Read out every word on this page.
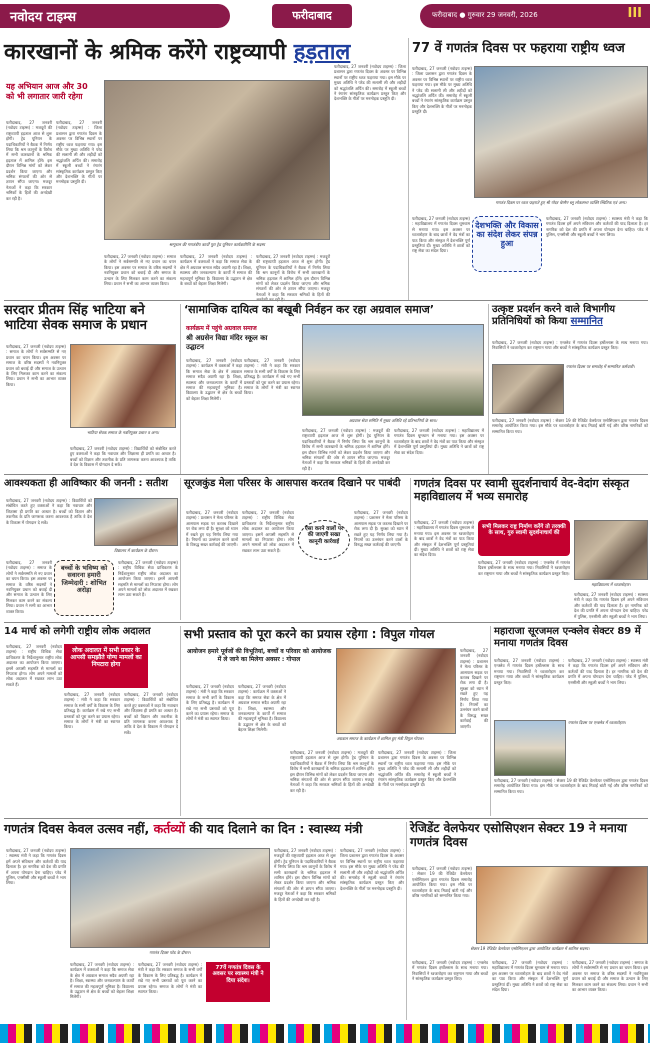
नवोदय टाइम्स	फरीदाबाद	फरीदाबाद ● गुरुवार 29 जनवरी, 2026	III
कारखानों के श्रमिक करेंगे राष्ट्रव्यापी हड़ताल
यह अभियान आज और 30 को भी लगातार जारी रहेगा
फरीदाबाद, 27 जनवरी (नवोदय टाइम्स) : मजदूरों की राष्ट्रव्यापी हड़ताल आज से शुरू होगी। ट्रेड यूनियन के पदाधिकारियों ने बैठक में निर्णय लिया कि श्रम कानूनों के विरोध में सभी कारखानों के श्रमिक हड़ताल में शामिल होंगे। इस दौरान विभिन्न मांगों को लेकर प्रदर्शन किया जाएगा और श्रमिक संगठनों की ओर से ज्ञापन सौंपा जाएगा। मजदूर नेताओं ने कहा कि सरकार श्रमिकों के हितों की अनदेखी कर रही है।
फरीदाबाद, 27 जनवरी (नवोदय टाइम्स) : जिला प्रशासन द्वारा गणतंत्र दिवस के अवसर पर विभिन्न स्थानों पर राष्ट्रीय ध्वज फहराया गया। इस मौके पर मुख्य अतिथि ने परेड की सलामी ली और शहीदों को श्रद्धांजलि अर्पित की। समारोह में स्कूली बच्चों ने रंगारंग सांस्कृतिक कार्यक्रम प्रस्तुत किए और देशभक्ति के गीतों पर मनमोहक प्रस्तुति दी।
श्रम्पुराल की गणतंत्रीय कार्यों पूरा ट्रेड यूनियन कार्यकारिणि के सदस्य
फरीदाबाद, 27 जनवरी (नवोदय टाइम्स) : समाज के लोगों ने सर्वसम्मति से नए प्रधान का चयन किया। इस अवसर पर समाज के वरिष्ठ सदस्यों ने नवनियुक्त प्रधान को बधाई दी और समाज के उत्थान के लिए मिलकर काम करने का संकल्प लिया। प्रधान ने सभी का आभार व्यक्त किया।
फरीदाबाद, 27 जनवरी (नवोदय टाइम्स) : कार्यक्रम में वक्ताओं ने कहा कि समाज सेवा के क्षेत्र में अग्रवाल समाज सदैव अग्रणी रहा है। शिक्षा, स्वास्थ्य और जनकल्याण के कार्यों में समाज की महत्वपूर्ण भूमिका है। विद्यालय के उद्घाटन से क्षेत्र के बच्चों को बेहतर शिक्षा मिलेगी।
फरीदाबाद, 27 जनवरी (नवोदय टाइम्स) : मजदूरों की राष्ट्रव्यापी हड़ताल आज से शुरू होगी। ट्रेड यूनियन के पदाधिकारियों ने बैठक में निर्णय लिया कि श्रम कानूनों के विरोध में सभी कारखानों के श्रमिक हड़ताल में शामिल होंगे। इस दौरान विभिन्न मांगों को लेकर प्रदर्शन किया जाएगा और श्रमिक संगठनों की ओर से ज्ञापन सौंपा जाएगा। मजदूर नेताओं ने कहा कि सरकार श्रमिकों के हितों की
फरीदाबाद, 27 जनवरी (नवोदय टाइम्स) : जिला प्रशासन द्वारा गणतंत्र दिवस के अवसर पर विभिन्न स्थानों पर राष्ट्रीय ध्वज फहराया गया। इस मौके पर मुख्य अतिथि ने परेड की सलामी ली और शहीदों को श्रद्धांजलि अर्पित की। समारोह में स्कूली बच्चों ने रंगारंग सांस्कृतिक कार्यक्रम प्रस्तुत किए और देशभक्ति के गीतों पर मनमोहक प्रस्तुति दी।
77 वें गणतंत्र दिवस पर फहराया राष्ट्रीय ध्वज
फरीदाबाद, 27 जनवरी (नवोदय टाइम्स) : जिला प्रशासन द्वारा गणतंत्र दिवस के अवसर पर विभिन्न स्थानों पर राष्ट्रीय ध्वज फहराया गया। इस मौके पर मुख्य अतिथि ने परेड की सलामी ली और शहीदों को श्रद्धांजलि अर्पित की। समारोह में स्कूली बच्चों ने रंगारंग सांस्कृतिक कार्यक्रम प्रस्तुत किए और देशभक्ति के गीतों पर मनमोहक प्रस्तुति दी।
गणतंत्र दिवस पर ध्वज फहराते हुए श्री गोदर चेरमैन ब्लू लोकसभा व्यक्ति स्थितिक एवं अन्य।
फरीदाबाद, 27 जनवरी (नवोदय टाइम्स) : महाविद्यालय में गणतंत्र दिवस धूमधाम से मनाया गया। इस अवसर पर ध्वजारोहण के बाद छात्रों ने वेद मंत्रों का पाठ किया और संस्कृत में देशभक्ति पूर्ण प्रस्तुतियां दीं। मुख्य अतिथि ने छात्रों को राष्ट्र सेवा का संदेश दिया।
देशभक्ति और विकास का संदेश लेकर संपन्न हुआ
फरीदाबाद, 27 जनवरी (नवोदय टाइम्स) : स्वास्थ्य मंत्री ने कहा कि गणतंत्र दिवस हमें अपने संविधान और कर्तव्यों की याद दिलाता है। हर नागरिक को देश की प्रगति में अपना योगदान देना चाहिए। परेड में पुलिस, एनसीसी और स्कूली बच्चों ने भाग लिया।
सरदार प्रीतम सिंह भाटिया बने भाटिया सेवक समाज के प्रधान
फरीदाबाद, 27 जनवरी (नवोदय टाइम्स) : समाज के लोगों ने सर्वसम्मति से नए प्रधान का चयन किया। इस अवसर पर समाज के वरिष्ठ सदस्यों ने नवनियुक्त प्रधान को बधाई दी और समाज के उत्थान के लिए मिलकर काम करने का संकल्प लिया। प्रधान ने सभी का आभार व्यक्त किया।
भाटिया सेवक समाज के नवनियुक्त प्रधान व अन्य।
फरीदाबाद, 27 जनवरी (नवोदय टाइम्स) : विद्यार्थियों को संबोधित करते हुए वक्ताओं ने कहा कि नवाचार और जिज्ञासा ही प्रगति का आधार है। बच्चों को विज्ञान और तकनीक के प्रति जागरूक करना आवश्यक है ताकि वे देश के विकास में योगदान दे सकें।
‘सामाजिक दायित्व का बखूबी निर्वहन कर रहा अग्रवाल समाज’
कार्यक्रम में पहुंचे अग्रवाल समाज
श्री अग्रसेन विद्या मंदिर स्कूल का उद्घाटन
फरीदाबाद, 27 जनवरी (नवोदय टाइम्स) : कार्यक्रम में वक्ताओं ने कहा कि समाज सेवा के क्षेत्र में अग्रवाल समाज सदैव अग्रणी रहा है। शिक्षा, स्वास्थ्य और जनकल्याण के कार्यों में समाज की महत्वपूर्ण भूमिका है। विद्यालय के उद्घाटन से क्षेत्र के बच्चों को बेहतर शिक्षा मिलेगी।
फरीदाबाद, 27 जनवरी (नवोदय टाइम्स) : मंत्री ने कहा कि सरकार समाज के सभी वर्गों के विकास के लिए प्रतिबद्ध है। कार्यक्रम में रखे गए सभी प्रस्तावों को पूरा करने का प्रयास रहेगा। समाज के लोगों ने मंत्री का स्वागत किया।
अग्रवाल सेवा समिति में मुख्य अतिथि रहे प्रतिभागियों के साथ।
फरीदाबाद, 27 जनवरी (नवोदय टाइम्स) : मजदूरों की राष्ट्रव्यापी हड़ताल आज से शुरू होगी। ट्रेड यूनियन के पदाधिकारियों ने बैठक में निर्णय लिया कि श्रम कानूनों के विरोध में सभी कारखानों के श्रमिक हड़ताल में शामिल होंगे। इस दौरान विभिन्न मांगों को लेकर प्रदर्शन किया जाएगा और श्रमिक संगठनों की ओर से ज्ञापन सौंपा जाएगा। मजदूर नेताओं ने कहा कि सरकार श्रमिकों के हितों की अनदेखी कर रही है।
फरीदाबाद, 27 जनवरी (नवोदय टाइम्स) : महाविद्यालय में गणतंत्र दिवस धूमधाम से मनाया गया। इस अवसर पर ध्वजारोहण के बाद छात्रों ने वेद मंत्रों का पाठ किया और संस्कृत में देशभक्ति पूर्ण प्रस्तुतियां दीं। मुख्य अतिथि ने छात्रों को राष्ट्र सेवा का संदेश दिया।
उत्कृष्ट प्रदर्शन करने वाले विभागीय प्रतिनिधियों को किया सम्मानित
फरीदाबाद, 27 जनवरी (नवोदय टाइम्स) : एन्क्लेव में गणतंत्र दिवस हर्षोल्लास के साथ मनाया गया। निवासियों ने ध्वजारोहण कर राष्ट्रगान गाया और बच्चों ने सांस्कृतिक कार्यक्रम प्रस्तुत किए।
गणतंत्र दिवस पर समारोह में सम्मानित कर्मचारी।
फरीदाबाद, 27 जनवरी (नवोदय टाइम्स) : सेक्टर 19 की रेजिडेंट वेलफेयर एसोसिएशन द्वारा गणतंत्र दिवस समारोह आयोजित किया गया। इस मौके पर ध्वजारोहण के बाद मिठाई बांटी गई और वरिष्ठ नागरिकों को सम्मानित किया गया।
आवश्यकता ही आविष्कार की जननी : सतीश
फरीदाबाद, 27 जनवरी (नवोदय टाइम्स) : विद्यार्थियों को संबोधित करते हुए वक्ताओं ने कहा कि नवाचार और जिज्ञासा ही प्रगति का आधार है। बच्चों को विज्ञान और तकनीक के प्रति जागरूक करना आवश्यक है ताकि वे देश के विकास में योगदान दे सकें।
विद्यालय में कार्यक्रम के दौरान।
बच्चों के भविष्य को सवारना हमारी जिम्मेदारी : शोभित अरोड़ा
फरीदाबाद, 27 जनवरी (नवोदय टाइम्स) : समाज के लोगों ने सर्वसम्मति से नए प्रधान का चयन किया। इस अवसर पर समाज के वरिष्ठ सदस्यों ने नवनियुक्त प्रधान को बधाई दी और समाज के उत्थान के लिए मिलकर काम करने का संकल्प लिया। प्रधान ने सभी का आभार व्यक्त किया।
फरीदाबाद, 27 जनवरी (नवोदय टाइम्स) : राष्ट्रीय विधिक सेवा प्राधिकरण के निर्देशानुसार राष्ट्रीय लोक अदालत का आयोजन किया जाएगा। इसमें आपसी सहमति से मामलों का निपटारा होगा। लोग अपने मामलों को लोक अदालत में रखकर लाभ उठा सकते हैं।
सूरजकुंड मेला परिसर के आसपास करतब दिखाने पर पाबंदी
फरीदाबाद, 27 जनवरी (नवोदय टाइम्स) : प्रशासन ने मेला परिसर के आसपास सड़क पर करतब दिखाने पर रोक लगा दी है। सुरक्षा को ध्यान में रखते हुए यह निर्णय लिया गया है। नियमों का उल्लंघन करने वालों के विरुद्ध सख्त कार्रवाई की जाएगी।
फरीदाबाद, 27 जनवरी (नवोदय टाइम्स) : राष्ट्रीय विधिक सेवा प्राधिकरण के निर्देशानुसार राष्ट्रीय लोक अदालत का आयोजन किया जाएगा। इसमें आपसी सहमति से मामलों का निपटारा होगा। लोग अपने मामलों को लोक अदालत में रखकर लाभ उठा सकते हैं।
ऐसा करने वालों पर की जाएगी सख्त कानूनी कार्रवाई
फरीदाबाद, 27 जनवरी (नवोदय टाइम्स) : प्रशासन ने मेला परिसर के आसपास सड़क पर करतब दिखाने पर रोक लगा दी है। सुरक्षा को ध्यान में रखते हुए यह निर्णय लिया गया है। नियमों का उल्लंघन करने वालों के विरुद्ध सख्त कार्रवाई की जाएगी।
गणतंत्र दिवस पर स्वामी सुदर्शनाचार्य वेद-वेदांग संस्कृत महाविद्यालय में भव्य समारोह
फरीदाबाद, 27 जनवरी (नवोदय टाइम्स) : महाविद्यालय में गणतंत्र दिवस धूमधाम से मनाया गया। इस अवसर पर ध्वजारोहण के बाद छात्रों ने वेद मंत्रों का पाठ किया और संस्कृत में देशभक्ति पूर्ण प्रस्तुतियां दीं। मुख्य अतिथि ने छात्रों को राष्ट्र सेवा का संदेश दिया।
सभी मिलकर राष्ट्र निर्माण करेंगे तो तरक्की के साथ, गुरु स्वामी सुदर्शनाचार्य की
फरीदाबाद, 27 जनवरी (नवोदय टाइम्स) : एन्क्लेव में गणतंत्र दिवस हर्षोल्लास के साथ मनाया गया। निवासियों ने ध्वजारोहण कर राष्ट्रगान गाया और बच्चों ने सांस्कृतिक कार्यक्रम प्रस्तुत किए।
महाविद्यालय में ध्वजारोहण।
फरीदाबाद, 27 जनवरी (नवोदय टाइम्स) : स्वास्थ्य मंत्री ने कहा कि गणतंत्र दिवस हमें अपने संविधान और कर्तव्यों की याद दिलाता है। हर नागरिक को देश की प्रगति में अपना योगदान देना चाहिए। परेड में पुलिस, एनसीसी और स्कूली बच्चों ने भाग लिया।
14 मार्च को लगेगी राष्ट्रीय लोक अदालत
फरीदाबाद, 27 जनवरी (नवोदय टाइम्स) : राष्ट्रीय विधिक सेवा प्राधिकरण के निर्देशानुसार राष्ट्रीय लोक अदालत का आयोजन किया जाएगा। इसमें आपसी सहमति से मामलों का निपटारा होगा। लोग अपने मामलों को लोक अदालत में रखकर लाभ उठा सकते हैं।
लोक अदालत में सभी प्रकार के आपसी समझौते योग्य मामलों का निपटारा होगा
फरीदाबाद, 27 जनवरी (नवोदय टाइम्स) : मंत्री ने कहा कि सरकार समाज के सभी वर्गों के विकास के लिए प्रतिबद्ध है। कार्यक्रम में रखे गए सभी प्रस्तावों को पूरा करने का प्रयास रहेगा। समाज के लोगों ने मंत्री का स्वागत किया।
फरीदाबाद, 27 जनवरी (नवोदय टाइम्स) : विद्यार्थियों को संबोधित करते हुए वक्ताओं ने कहा कि नवाचार और जिज्ञासा ही प्रगति का आधार है। बच्चों को विज्ञान और तकनीक के प्रति जागरूक करना आवश्यक है ताकि वे देश के विकास में योगदान दे सकें।
सभी प्रस्ताव को पूरा करने का प्रयास रहेगा : विपुल गोयल
आयोजन हमारे पूर्वजों की विभूतियां, बच्चों व परिवार को आयोजक में ले जाने का मिलेगा अवसर : गोपाल
अग्रवाल समाज के कार्यक्रम में शामिल हुए मंत्री विपुल गोयल।
फरीदाबाद, 27 जनवरी (नवोदय टाइम्स) : मंत्री ने कहा कि सरकार समाज के सभी वर्गों के विकास के लिए प्रतिबद्ध है। कार्यक्रम में रखे गए सभी प्रस्तावों को पूरा करने का प्रयास रहेगा। समाज के लोगों ने मंत्री का स्वागत किया।
फरीदाबाद, 27 जनवरी (नवोदय टाइम्स) : कार्यक्रम में वक्ताओं ने कहा कि समाज सेवा के क्षेत्र में अग्रवाल समाज सदैव अग्रणी रहा है। शिक्षा, स्वास्थ्य और जनकल्याण के कार्यों में समाज की महत्वपूर्ण भूमिका है। विद्यालय के उद्घाटन से क्षेत्र के बच्चों को बेहतर शिक्षा मिलेगी।
फरीदाबाद, 27 जनवरी (नवोदय टाइम्स) : मजदूरों की राष्ट्रव्यापी हड़ताल आज से शुरू होगी। ट्रेड यूनियन के पदाधिकारियों ने बैठक में निर्णय लिया कि श्रम कानूनों के विरोध में सभी कारखानों के श्रमिक हड़ताल में शामिल होंगे। इस दौरान विभिन्न मांगों को लेकर प्रदर्शन किया जाएगा और श्रमिक संगठनों की ओर से ज्ञापन सौंपा जाएगा। मजदूर नेताओं ने कहा कि सरकार श्रमिकों के हितों की अनदेखी कर रही है।
फरीदाबाद, 27 जनवरी (नवोदय टाइम्स) : जिला प्रशासन द्वारा गणतंत्र दिवस के अवसर पर विभिन्न स्थानों पर राष्ट्रीय ध्वज फहराया गया। इस मौके पर मुख्य अतिथि ने परेड की सलामी ली और शहीदों को श्रद्धांजलि अर्पित की। समारोह में स्कूली बच्चों ने रंगारंग सांस्कृतिक कार्यक्रम प्रस्तुत किए और देशभक्ति के गीतों पर मनमोहक प्रस्तुति दी।
फरीदाबाद, 27 जनवरी (नवोदय टाइम्स) : प्रशासन ने मेला परिसर के आसपास सड़क पर करतब दिखाने पर रोक लगा दी है। सुरक्षा को ध्यान में रखते हुए यह निर्णय लिया गया है। नियमों का उल्लंघन करने वालों के विरुद्ध सख्त कार्रवाई की जाएगी।
महाराजा सूरजमल एन्क्लेव सेक्टर 89 में मनाया गणतंत्र दिवस
फरीदाबाद, 27 जनवरी (नवोदय टाइम्स) : एन्क्लेव में गणतंत्र दिवस हर्षोल्लास के साथ मनाया गया। निवासियों ने ध्वजारोहण कर राष्ट्रगान गाया और बच्चों ने सांस्कृतिक कार्यक्रम प्रस्तुत किए।
फरीदाबाद, 27 जनवरी (नवोदय टाइम्स) : स्वास्थ्य मंत्री ने कहा कि गणतंत्र दिवस हमें अपने संविधान और कर्तव्यों की याद दिलाता है। हर नागरिक को देश की प्रगति में अपना योगदान देना चाहिए। परेड में पुलिस, एनसीसी और स्कूली बच्चों ने भाग लिया।
गणतंत्र दिवस पर एन्क्लेव में ध्वजारोहण।
फरीदाबाद, 27 जनवरी (नवोदय टाइम्स) : सेक्टर 19 की रेजिडेंट वेलफेयर एसोसिएशन द्वारा गणतंत्र दिवस समारोह आयोजित किया गया। इस मौके पर ध्वजारोहण के बाद मिठाई बांटी गई और वरिष्ठ नागरिकों को सम्मानित किया गया।
गणतंत्र दिवस केवल उत्सव नहीं, कर्तव्यों की याद दिलाने का दिन : स्वास्थ्य मंत्री
फरीदाबाद, 27 जनवरी (नवोदय टाइम्स) : स्वास्थ्य मंत्री ने कहा कि गणतंत्र दिवस हमें अपने संविधान और कर्तव्यों की याद दिलाता है। हर नागरिक को देश की प्रगति में अपना योगदान देना चाहिए। परेड में पुलिस, एनसीसी और स्कूली बच्चों ने भाग लिया।
गणतंत्र दिवस परेड के दौरान।
फरीदाबाद, 27 जनवरी (नवोदय टाइम्स) : कार्यक्रम में वक्ताओं ने कहा कि समाज सेवा के क्षेत्र में अग्रवाल समाज सदैव अग्रणी रहा है। शिक्षा, स्वास्थ्य और जनकल्याण के कार्यों में समाज की महत्वपूर्ण भूमिका है। विद्यालय के उद्घाटन से क्षेत्र के बच्चों को बेहतर शिक्षा मिलेगी।
फरीदाबाद, 27 जनवरी (नवोदय टाइम्स) : मंत्री ने कहा कि सरकार समाज के सभी वर्गों के विकास के लिए प्रतिबद्ध है। कार्यक्रम में रखे गए सभी प्रस्तावों को पूरा करने का प्रयास रहेगा। समाज के लोगों ने मंत्री का स्वागत किया।
77वें गणतंत्र दिवस के अवसर पर स्वास्थ्य मंत्री ने दिया संदेश।
फरीदाबाद, 27 जनवरी (नवोदय टाइम्स) : मजदूरों की राष्ट्रव्यापी हड़ताल आज से शुरू होगी। ट्रेड यूनियन के पदाधिकारियों ने बैठक में निर्णय लिया कि श्रम कानूनों के विरोध में सभी कारखानों के श्रमिक हड़ताल में शामिल होंगे। इस दौरान विभिन्न मांगों को लेकर प्रदर्शन किया जाएगा और श्रमिक संगठनों की ओर से ज्ञापन सौंपा जाएगा। मजदूर नेताओं ने कहा कि सरकार श्रमिकों के हितों की अनदेखी कर रही है।
फरीदाबाद, 27 जनवरी (नवोदय टाइम्स) : जिला प्रशासन द्वारा गणतंत्र दिवस के अवसर पर विभिन्न स्थानों पर राष्ट्रीय ध्वज फहराया गया। इस मौके पर मुख्य अतिथि ने परेड की सलामी ली और शहीदों को श्रद्धांजलि अर्पित की। समारोह में स्कूली बच्चों ने रंगारंग सांस्कृतिक कार्यक्रम प्रस्तुत किए और देशभक्ति के गीतों पर मनमोहक प्रस्तुति दी।
रेजिडेंट वेलफेयर एसोसिएशन सेक्टर 19 ने मनाया गणतंत्र दिवस
फरीदाबाद, 27 जनवरी (नवोदय टाइम्स) : सेक्टर 19 की रेजिडेंट वेलफेयर एसोसिएशन द्वारा गणतंत्र दिवस समारोह आयोजित किया गया। इस मौके पर ध्वजारोहण के बाद मिठाई बांटी गई और वरिष्ठ नागरिकों को सम्मानित किया गया।
सेक्टर 19 रेजिडेंट वेलफेयर एसोसिएशन द्वारा आयोजित कार्यक्रम में शामिल सदस्य।
फरीदाबाद, 27 जनवरी (नवोदय टाइम्स) : एन्क्लेव में गणतंत्र दिवस हर्षोल्लास के साथ मनाया गया। निवासियों ने ध्वजारोहण कर राष्ट्रगान गाया और बच्चों ने सांस्कृतिक कार्यक्रम प्रस्तुत किए।
फरीदाबाद, 27 जनवरी (नवोदय टाइम्स) : महाविद्यालय में गणतंत्र दिवस धूमधाम से मनाया गया। इस अवसर पर ध्वजारोहण के बाद छात्रों ने वेद मंत्रों का पाठ किया और संस्कृत में देशभक्ति पूर्ण प्रस्तुतियां दीं। मुख्य अतिथि ने छात्रों को राष्ट्र सेवा का संदेश दिया।
फरीदाबाद, 27 जनवरी (नवोदय टाइम्स) : समाज के लोगों ने सर्वसम्मति से नए प्रधान का चयन किया। इस अवसर पर समाज के वरिष्ठ सदस्यों ने नवनियुक्त प्रधान को बधाई दी और समाज के उत्थान के लिए मिलकर काम करने का संकल्प लिया। प्रधान ने सभी का आभार व्यक्त किया।
